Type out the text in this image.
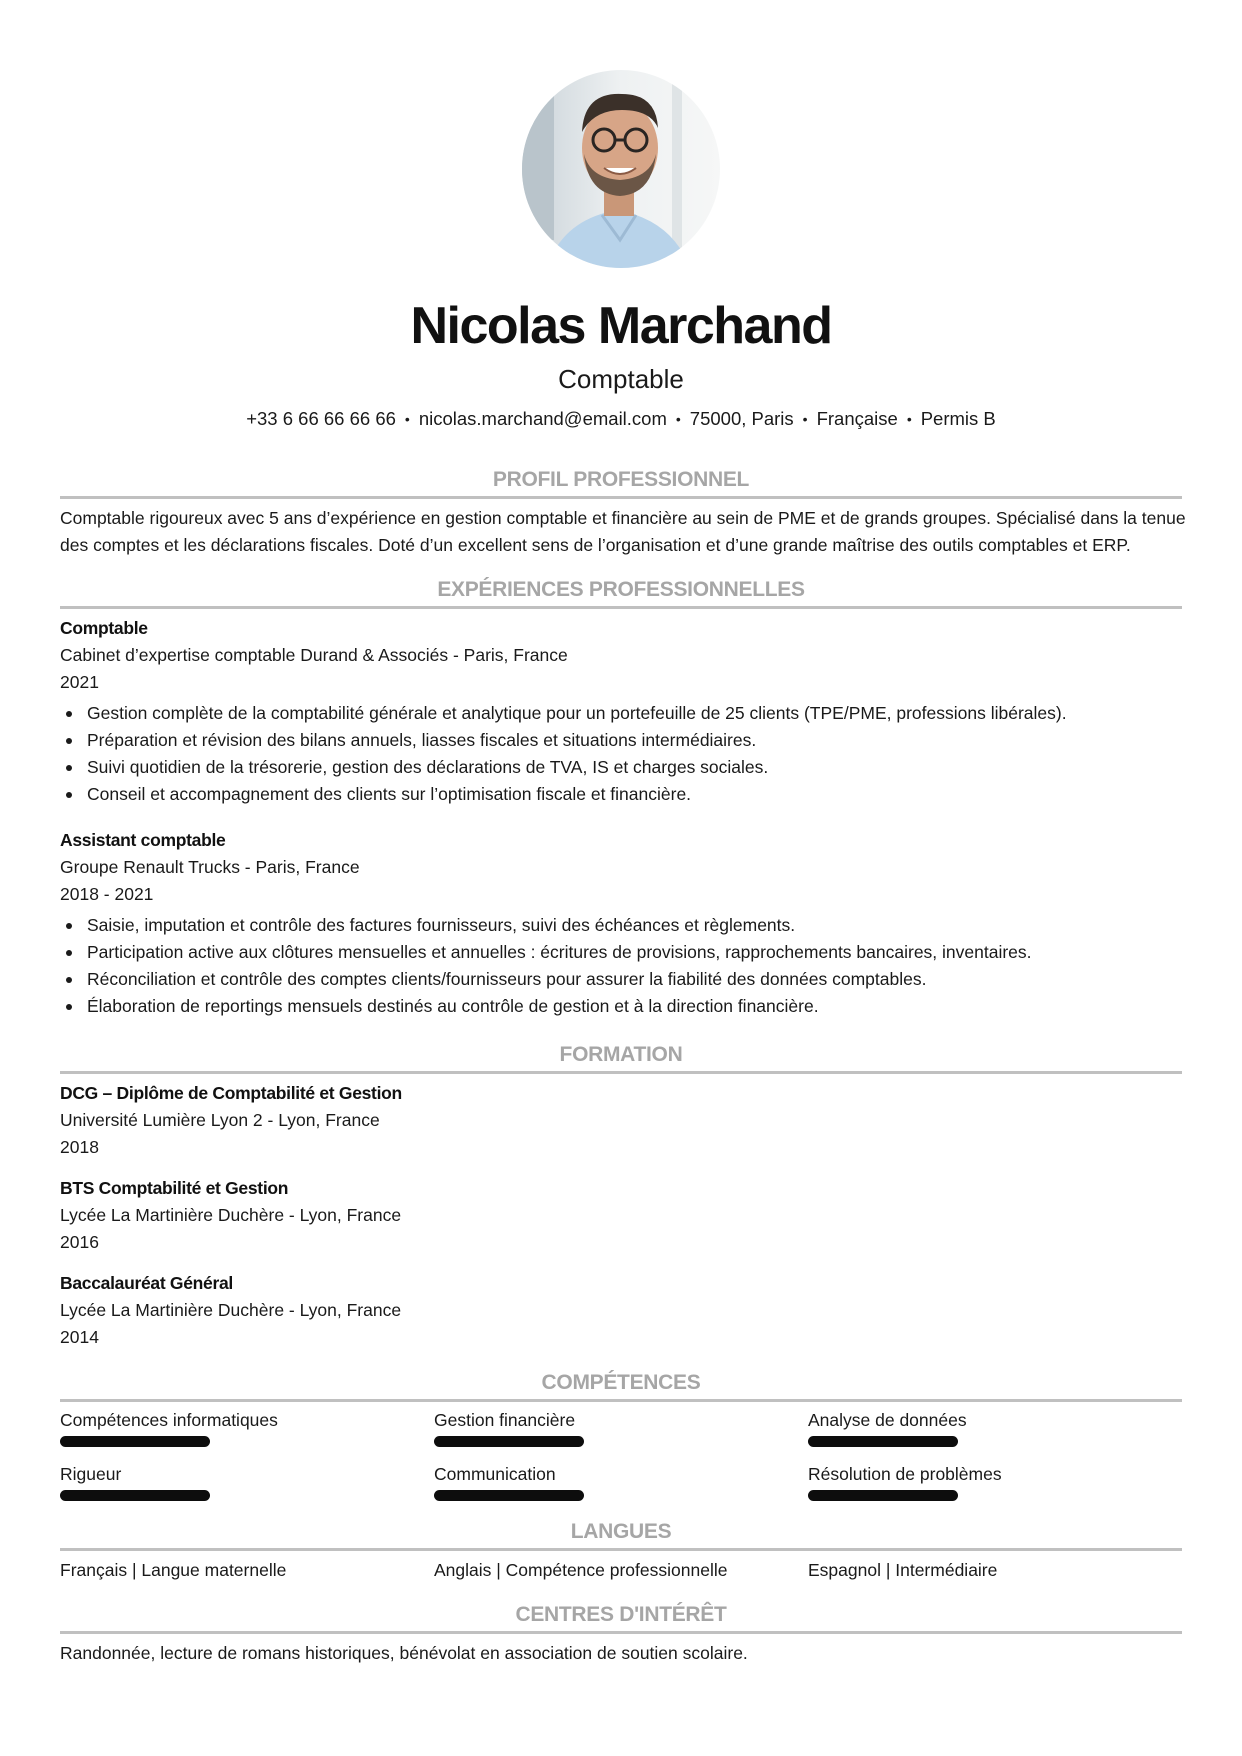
Nicolas Marchand
Comptable
+33 6 66 66 66 66 • nicolas.marchand@email.com • 75000, Paris • Française • Permis B
PROFIL PROFESSIONNEL
Comptable rigoureux avec 5 ans d’expérience en gestion comptable et financière au sein de PME et de grands groupes. Spécialisé dans la tenue
des comptes et les déclarations fiscales. Doté d’un excellent sens de l’organisation et d’une grande maîtrise des outils comptables et ERP.
EXPÉRIENCES PROFESSIONNELLES
Comptable
Cabinet d’expertise comptable Durand & Associés - Paris, France
2021
Gestion complète de la comptabilité générale et analytique pour un portefeuille de 25 clients (TPE/PME, professions libérales).
Préparation et révision des bilans annuels, liasses fiscales et situations intermédiaires.
Suivi quotidien de la trésorerie, gestion des déclarations de TVA, IS et charges sociales.
Conseil et accompagnement des clients sur l’optimisation fiscale et financière.
Assistant comptable
Groupe Renault Trucks - Paris, France
2018 - 2021
Saisie, imputation et contrôle des factures fournisseurs, suivi des échéances et règlements.
Participation active aux clôtures mensuelles et annuelles : écritures de provisions, rapprochements bancaires, inventaires.
Réconciliation et contrôle des comptes clients/fournisseurs pour assurer la fiabilité des données comptables.
Élaboration de reportings mensuels destinés au contrôle de gestion et à la direction financière.
FORMATION
DCG – Diplôme de Comptabilité et Gestion
Université Lumière Lyon 2 - Lyon, France
2018
BTS Comptabilité et Gestion
Lycée La Martinière Duchère - Lyon, France
2016
Baccalauréat Général
Lycée La Martinière Duchère - Lyon, France
2014
COMPÉTENCES
Compétences informatiques	Gestion financière	Analyse de données
Rigueur	Communication	Résolution de problèmes
LANGUES
Français | Langue maternelle	Anglais | Compétence professionnelle	Espagnol | Intermédiaire
CENTRES D'INTÉRÊT
Randonnée, lecture de romans historiques, bénévolat en association de soutien scolaire.
